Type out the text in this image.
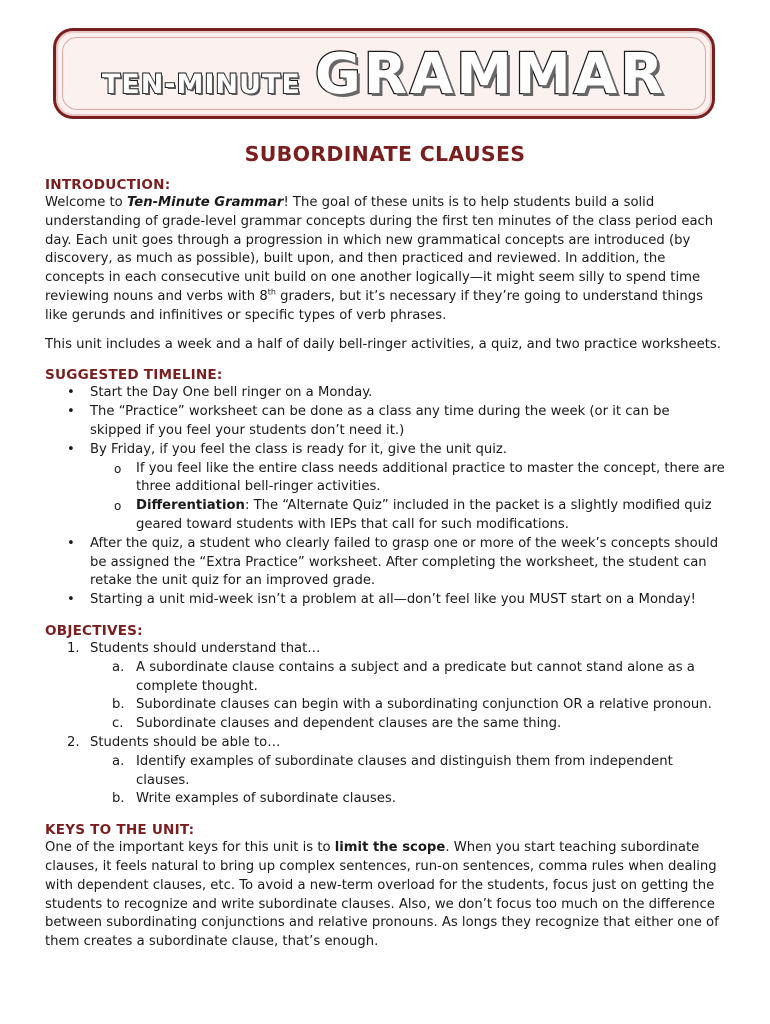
TEN-MINUTE GRAMMAR
SUBORDINATE CLAUSES
INTRODUCTION:

Welcome to Ten-Minute Grammar! The goal of these units is to help students build a solid understanding of grade-level grammar concepts during the first ten minutes of the class period each day. Each unit goes through a progression in which new grammatical concepts are introduced (by discovery, as much as possible), built upon, and then practiced and reviewed. In addition, the concepts in each consecutive unit build on one another logically—it might seem silly to spend time reviewing nouns and verbs with 8th graders, but it’s necessary if they’re going to understand things like gerunds and infinitives or specific types of verb phrases.

This unit includes a week and a half of daily bell-ringer activities, a quiz, and two practice worksheets.

SUGGESTED TIMELINE:
• Start the Day One bell ringer on a Monday.
• The “Practice” worksheet can be done as a class any time during the week (or it can be skipped if you feel your students don’t need it.)
• By Friday, if you feel the class is ready for it, give the unit quiz.
o If you feel like the entire class needs additional practice to master the concept, there are three additional bell-ringer activities.
o Differentiation: The “Alternate Quiz” included in the packet is a slightly modified quiz geared toward students with IEPs that call for such modifications.
• After the quiz, a student who clearly failed to grasp one or more of the week’s concepts should be assigned the “Extra Practice” worksheet. After completing the worksheet, the student can retake the unit quiz for an improved grade.
• Starting a unit mid-week isn’t a problem at all—don’t feel like you MUST start on a Monday!
OBJECTIVES:
1. Students should understand that…
a. A subordinate clause contains a subject and a predicate but cannot stand alone as a complete thought.
b. Subordinate clauses can begin with a subordinating conjunction OR a relative pronoun.
c. Subordinate clauses and dependent clauses are the same thing.
2. Students should be able to…
a. Identify examples of subordinate clauses and distinguish them from independent clauses.
b. Write examples of subordinate clauses.
KEYS TO THE UNIT:

One of the important keys for this unit is to limit the scope. When you start teaching subordinate clauses, it feels natural to bring up complex sentences, run-on sentences, comma rules when dealing with dependent clauses, etc. To avoid a new-term overload for the students, focus just on getting the students to recognize and write subordinate clauses. Also, we don’t focus too much on the difference between subordinating conjunctions and relative pronouns. As longs they recognize that either one of them creates a subordinate clause, that’s enough.
